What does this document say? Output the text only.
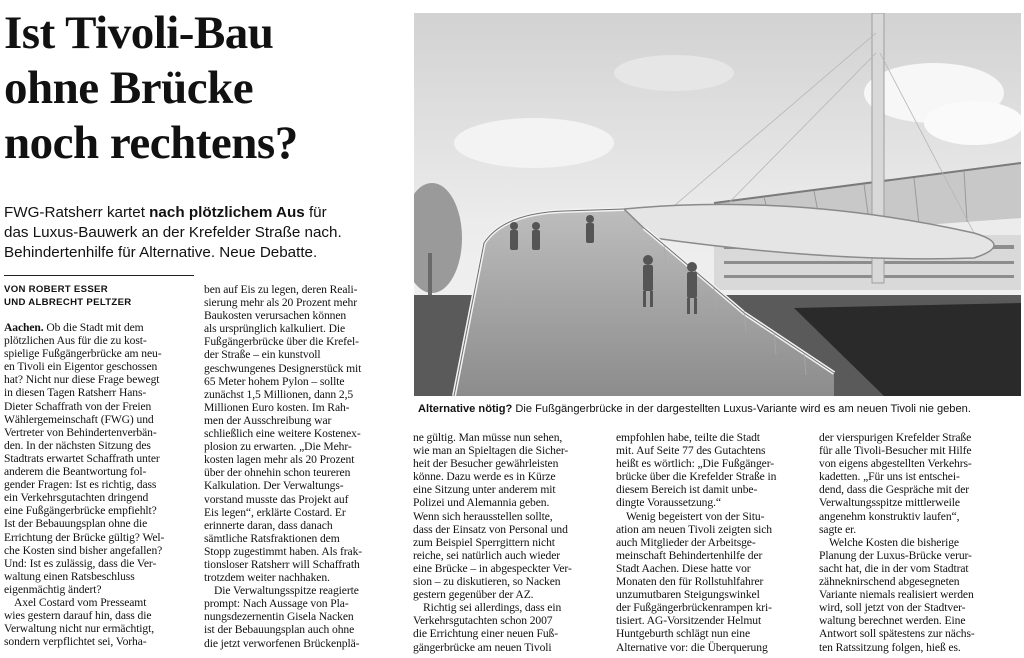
Ist Tivoli-Bau
ohne Brücke
noch rechtens?
FWG-Ratsherr kartet nach plötzlichem Aus für
das Luxus-Bauwerk an der Krefelder Straße nach.
Behindertenhilfe für Alternative. Neue Debatte.
VON ROBERT ESSER
UND ALBRECHT PELTZER
Alternative nötig? Die Fußgängerbrücke in der dargestellten Luxus-Variante wird es am neuen Tivoli nie geben.
Aachen. Ob die Stadt mit dem
plötzlichen Aus für die zu kost-
spielige Fußgängerbrücke am neu-
en Tivoli ein Eigentor geschossen
hat? Nicht nur diese Frage bewegt
in diesen Tagen Ratsherr Hans-
Dieter Schaffrath von der Freien
Wählergemeinschaft (FWG) und
Vertreter von Behindertenverbän-
den. In der nächsten Sitzung des
Stadtrats erwartet Schaffrath unter
anderem die Beantwortung fol-
gender Fragen: Ist es richtig, dass
ein Verkehrsgutachten dringend
eine Fußgängerbrücke empfiehlt?
Ist der Bebauungsplan ohne die
Errichtung der Brücke gültig? Wel-
che Kosten sind bisher angefallen?
Und: Ist es zulässig, dass die Ver-
waltung einen Ratsbeschluss
eigenmächtig ändert?
Axel Costard vom Presseamt
wies gestern darauf hin, dass die
Verwaltung nicht nur ermächtigt,
sondern verpflichtet sei, Vorha-
ben auf Eis zu legen, deren Reali-
sierung mehr als 20 Prozent mehr
Baukosten verursachen können
als ursprünglich kalkuliert. Die
Fußgängerbrücke über die Krefel-
der Straße – ein kunstvoll
geschwungenes Designerstück mit
65 Meter hohem Pylon – sollte
zunächst 1,5 Millionen, dann 2,5
Millionen Euro kosten. Im Rah-
men der Ausschreibung war
schließlich eine weitere Kostenex-
plosion zu erwarten. „Die Mehr-
kosten lagen mehr als 20 Prozent
über der ohnehin schon teureren
Kalkulation. Der Verwaltungs-
vorstand musste das Projekt auf
Eis legen“, erklärte Costard. Er
erinnerte daran, dass danach
sämtliche Ratsfraktionen dem
Stopp zugestimmt haben. Als frak-
tionsloser Ratsherr will Schaffrath
trotzdem weiter nachhaken.
Die Verwaltungsspitze reagierte
prompt: Nach Aussage von Pla-
nungsdezernentin Gisela Nacken
ist der Bebauungsplan auch ohne
die jetzt verworfenen Brückenplä-
ne gültig. Man müsse nun sehen,
wie man an Spieltagen die Sicher-
heit der Besucher gewährleisten
könne. Dazu werde es in Kürze
eine Sitzung unter anderem mit
Polizei und Alemannia geben.
Wenn sich herausstellen sollte,
dass der Einsatz von Personal und
zum Beispiel Sperrgittern nicht
reiche, sei natürlich auch wieder
eine Brücke – in abgespeckter Ver-
sion – zu diskutieren, so Nacken
gestern gegenüber der AZ.
Richtig sei allerdings, dass ein
Verkehrsgutachten schon 2007
die Errichtung einer neuen Fuß-
gängerbrücke am neuen Tivoli
empfohlen habe, teilte die Stadt
mit. Auf Seite 77 des Gutachtens
heißt es wörtlich: „Die Fußgänger-
brücke über die Krefelder Straße in
diesem Bereich ist damit unbe-
dingte Voraussetzung.“
Wenig begeistert von der Situ-
ation am neuen Tivoli zeigten sich
auch Mitglieder der Arbeitsge-
meinschaft Behindertenhilfe der
Stadt Aachen. Diese hatte vor
Monaten den für Rollstuhlfahrer
unzumutbaren Steigungswinkel
der Fußgängerbrückenrampen kri-
tisiert. AG-Vorsitzender Helmut
Huntgeburth schlägt nun eine
Alternative vor: die Überquerung
der vierspurigen Krefelder Straße
für alle Tivoli-Besucher mit Hilfe
von eigens abgestellten Verkehrs-
kadetten. „Für uns ist entschei-
dend, dass die Gespräche mit der
Verwaltungsspitze mittlerweile
angenehm konstruktiv laufen“,
sagte er.
Welche Kosten die bisherige
Planung der Luxus-Brücke verur-
sacht hat, die in der vom Stadtrat
zähneknirschend abgesegneten
Variante niemals realisiert werden
wird, soll jetzt von der Stadtver-
waltung berechnet werden. Eine
Antwort soll spätestens zur nächs-
ten Ratssitzung folgen, hieß es.
